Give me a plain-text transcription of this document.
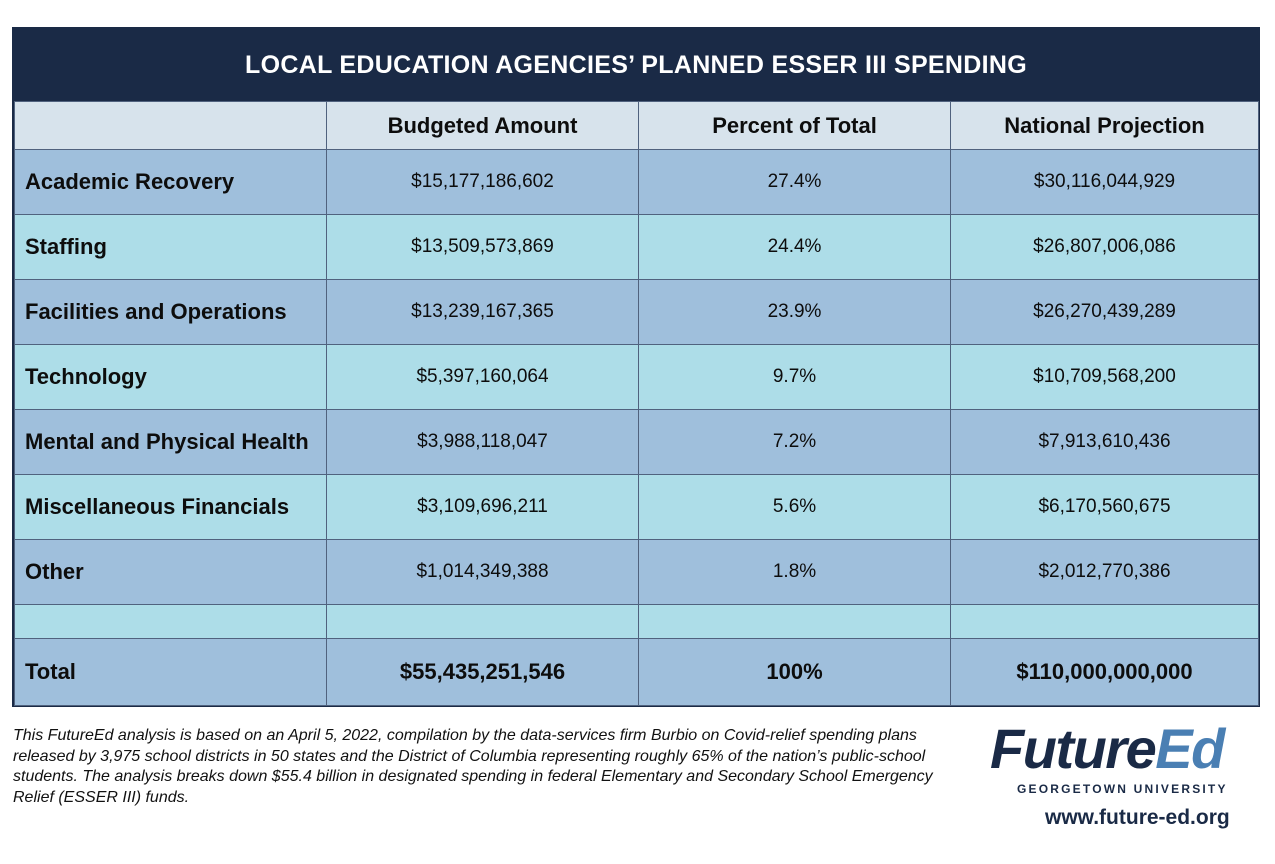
LOCAL EDUCATION AGENCIES’ PLANNED ESSER III SPENDING
	Budgeted Amount	Percent of Total	National Projection
Academic Recovery	$15,177,186,602	27.4%	$30,116,044,929
Staffing	$13,509,573,869	24.4%	$26,807,006,086
Facilities and Operations	$13,239,167,365	23.9%	$26,270,439,289
Technology	$5,397,160,064	9.7%	$10,709,568,200
Mental and Physical Health	$3,988,118,047	7.2%	$7,913,610,436
Miscellaneous Financials	$3,109,696,211	5.6%	$6,170,560,675
Other	$1,014,349,388	1.8%	$2,012,770,386

Total	$55,435,251,546	100%	$110,000,000,000
This FutureEd analysis is based on an April 5, 2022, compilation by the data-services firm Burbio on Covid-relief spending plans released by 3,975 school districts in 50 states and the District of Columbia representing roughly 65% of the nation’s public-school students. The analysis breaks down $55.4 billion in designated spending in federal Elementary and Secondary School Emergency Relief (ESSER III) funds.
FutureEd
GEORGETOWN UNIVERSITY
www.future-ed.org
